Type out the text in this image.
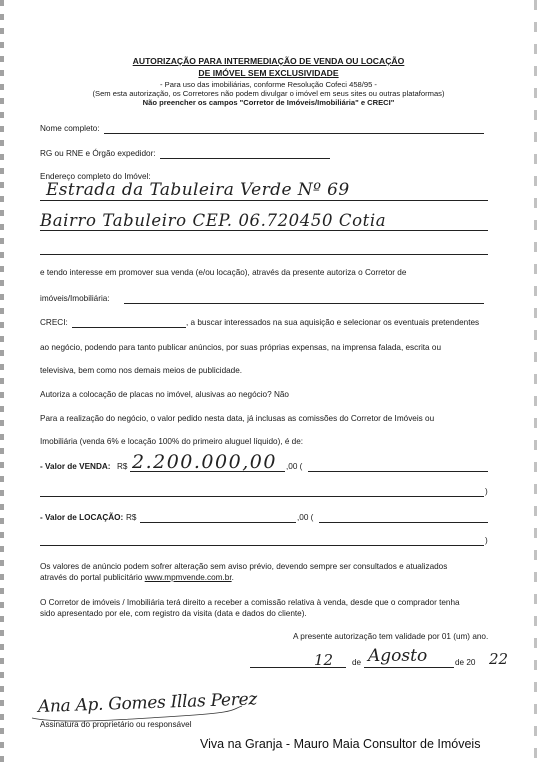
AUTORIZAÇÃO PARA INTERMEDIAÇÃO DE VENDA OU LOCAÇÃO
DE IMÓVEL SEM EXCLUSIVIDADE
- Para uso das imobiliárias, conforme Resolução Cofeci 458/95 -
(Sem esta autorização, os Corretores não podem divulgar o imóvel em seus sites ou outras plataformas)
Não preencher os campos "Corretor de Imóveis/Imobiliária" e CRECI"
Nome completo:
RG ou RNE e Órgão expedidor:
Endereço completo do Imóvel:
Estrada da Tabuleira Verde Nº 69
Bairro Tabuleiro CEP. 06.720450 Cotia
e tendo interesse em promover sua venda (e/ou locação), através da presente autoriza o Corretor de
imóveis/Imobiliária:
CRECI:	, a buscar interessados na sua aquisição e selecionar os eventuais pretendentes
ao negócio, podendo para tanto publicar anúncios, por suas próprias expensas, na imprensa falada, escrita ou
televisiva, bem como nos demais meios de publicidade.
Autoriza a colocação de placas no imóvel, alusivas ao negócio? Não
Para a realização do negócio, o valor pedido nesta data, já inclusas as comissões do Corretor de Imóveis ou
Imobiliária (venda 6% e locação 100% do primeiro aluguel líquido), é de:
- Valor de VENDA: R$ 2.200.000,00 ,00 (
)
- Valor de LOCAÇÃO: R$	,00 (
)
Os valores de anúncio podem sofrer alteração sem aviso prévio, devendo sempre ser consultados e atualizados
através do portal publicitário www.mpmvende.com.br.
O Corretor de imóveis / Imobiliária terá direito a receber a comissão relativa à venda, desde que o comprador tenha
sido apresentado por ele, com registro da visita (data e dados do cliente).
A presente autorização tem validade por 01 (um) ano.
12 de Agosto	de 20 22
Ana Ap. Gomes Illas Perez
Assinatura do proprietário ou responsável
Viva na Granja - Mauro Maia Consultor de Imóveis
